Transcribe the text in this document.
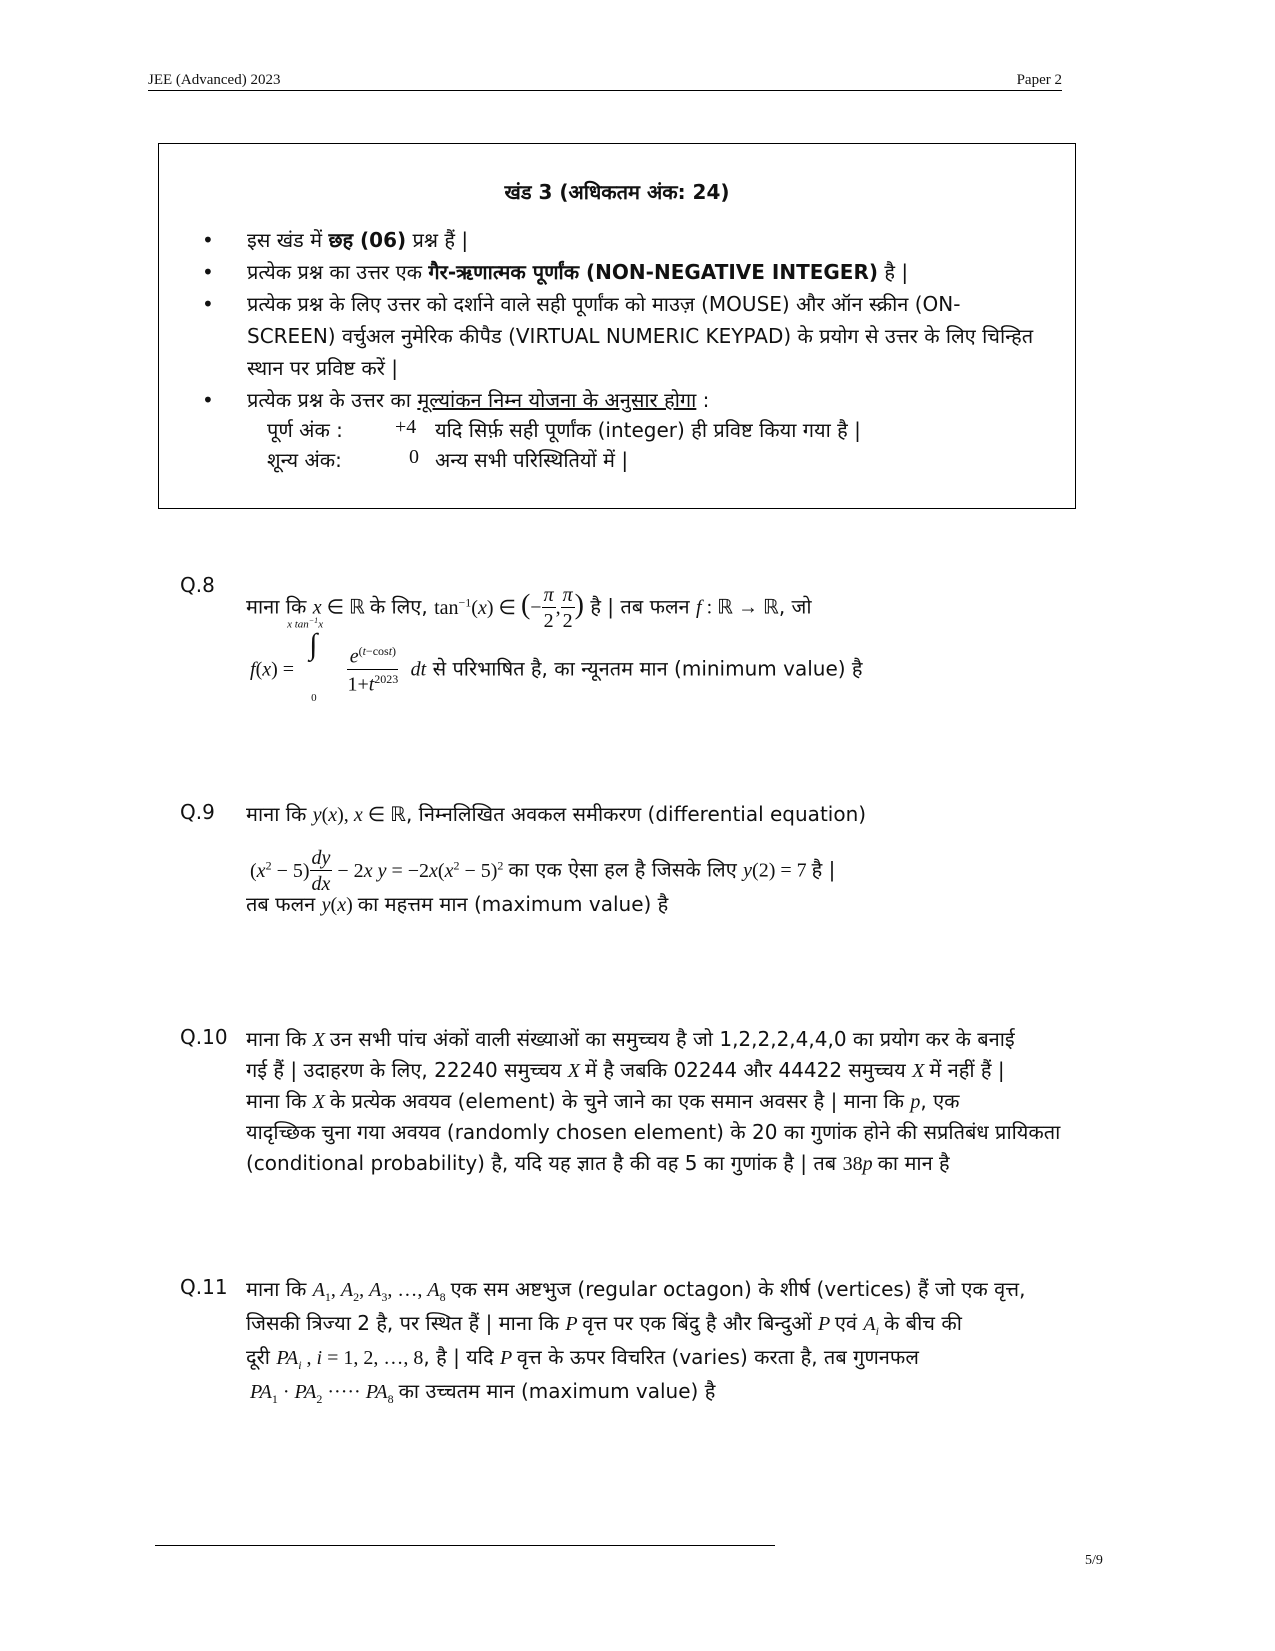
JEE (Advanced) 2023	Paper 2
खंड 3 (अधिकतम अंक: 24)
• इस खंड में छह (06) प्रश्न हैं |
• प्रत्येक प्रश्न का उत्तर एक गैर-ऋणात्मक पूर्णांक (NON-NEGATIVE INTEGER) है |
• प्रत्येक प्रश्न के लिए उत्तर को दर्शाने वाले सही पूर्णांक को माउज़ (MOUSE) और ऑन स्क्रीन (ON-
SCREEN) वर्चुअल नुमेरिक कीपैड (VIRTUAL NUMERIC KEYPAD) के प्रयोग से उत्तर के लिए चिन्हित
स्थान पर प्रविष्ट करें |
• प्रत्येक प्रश्न के उत्तर का मूल्यांकन निम्न योजना के अनुसार होगा :
पूर्ण अंक :	+4 यदि सिर्फ़ सही पूर्णांक (integer) ही प्रविष्ट किया गया है |
शून्य अंक:	0 अन्य सभी परिस्थितियों में |
Q.8
माना कि x ∈ ℝ के लिए, $\tan^{-1}(x)$ ∈ (− $\frac{\pi}{2}$ , $\frac{\pi}{2}$ ) है | तब फलन f : ℝ → ℝ, जो
f(x) =
∫
x $\tan^{-1}x$
0

$\frac{e^{(t-cost)}}{1+t^{2023}}$ dt से परिभाषित है, का न्यूनतम मान (minimum value) है
Q.9 माना कि y(x), x ∈ ℝ, निम्नलिखित अवकल समीकरण (differential equation)
$(x^2 - 5) \frac{dy}{dx} - 2x$ $y = -2x(x^2 - 5)^2$ का एक ऐसा हल है जिसके लिए y(2) = 7 है |
तब फलन y(x) का महत्तम मान (maximum value) है
Q.10 माना कि X उन सभी पांच अंकों वाली संख्याओं का समुच्चय है जो 1,2,2,2,4,4,0 का प्रयोग कर के बनाई
गई हैं | उदाहरण के लिए, 22240 समुच्चय X में है जबकि 02244 और 44422 समुच्चय X में नहीं हैं |
माना कि X के प्रत्येक अवयव (element) के चुने जाने का एक समान अवसर है | माना कि p, एक
यादृच्छिक चुना गया अवयव (randomly chosen element) के 20 का गुणांक होने की सप्रतिबंध प्रायिकता
(conditional probability) है, यदि यह ज्ञात है की वह 5 का गुणांक है | तब 38p का मान है
Q.11 माना कि $A_1$, $A_2$, $A_3$, …, $A_8$ एक सम अष्टभुज (regular octagon) के शीर्ष (vertices) हैं जो एक वृत्त,
जिसकी त्रिज्या 2 है, पर स्थित हैं | माना कि P वृत्त पर एक बिंदु है और बिन्दुओं P एवं $A_i$ के बीच की
दूरी $PA_i$ , i = 1, 2, …, 8, है | यदि P वृत्त के ऊपर विचरित (varies) करता है, तब गुणनफल
$PA_1 \cdot PA_2$ ····· $PA_8$ का उच्चतम मान (maximum value) है
5/9
